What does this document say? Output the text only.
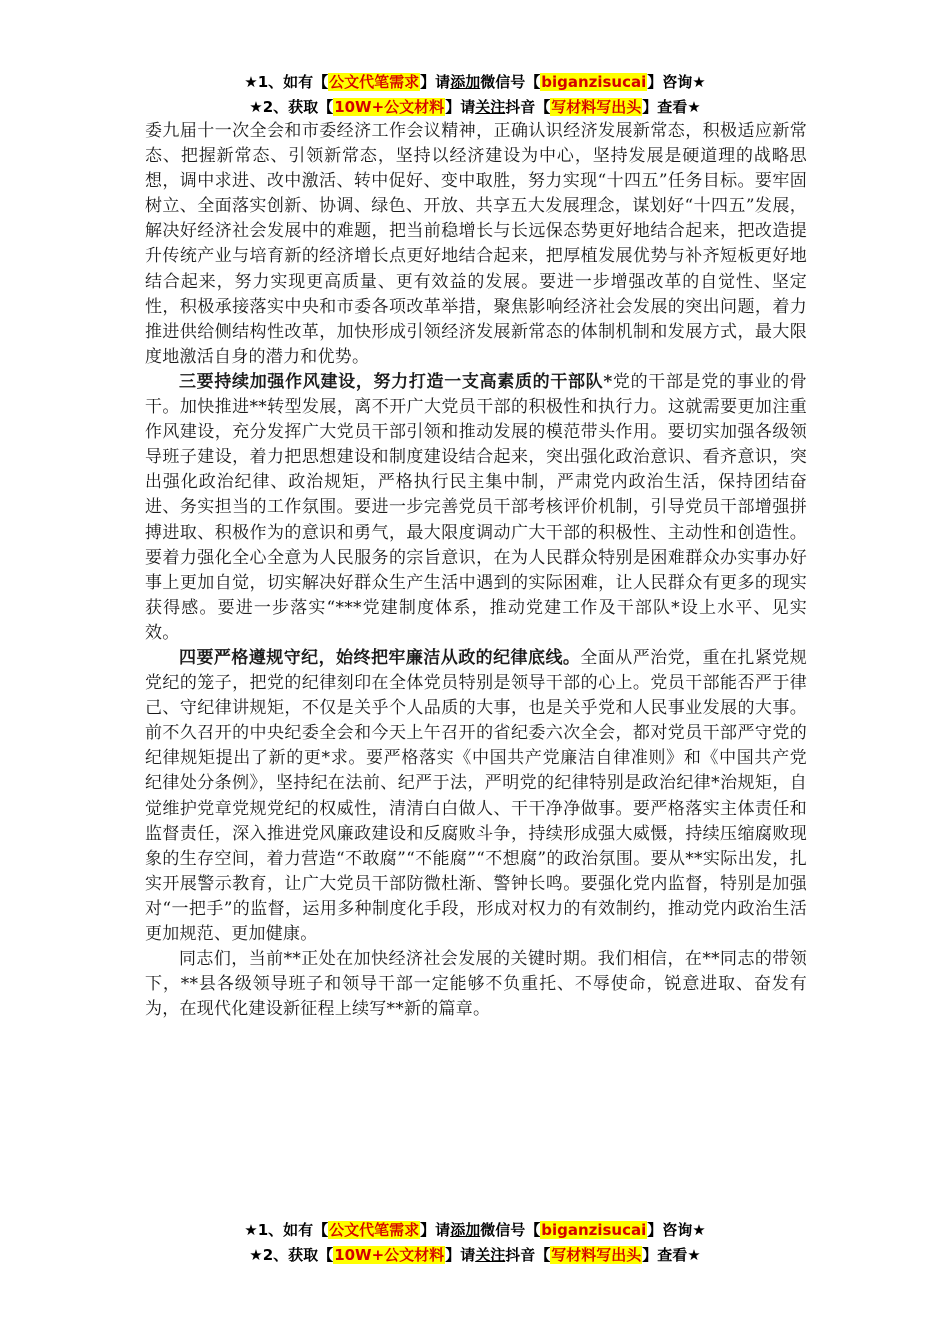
★1、如有【公文代笔需求】请添加微信号【biganzisucai】咨询★
★2、获取【10W+公文材料】请关注抖音【写材料写出头】查看★

委九届十一次全会和市委经济工作会议精神，正确认识经济发展新常态，积极适应新常态、把握新常态、引领新常态，坚持以经济建设为中心，坚持发展是硬道理的战略思想，调中求进、改中激活、转中促好、变中取胜，努力实现“十四五”任务目标。要牢固树立、全面落实创新、协调、绿色、开放、共享五大发展理念，谋划好“十四五”发展，解决好经济社会发展中的难题，把当前稳增长与长远保态势更好地结合起来，把改造提升传统产业与培育新的经济增长点更好地结合起来，把厚植发展优势与补齐短板更好地结合起来，努力实现更高质量、更有效益的发展。要进一步增强改革的自觉性、坚定性，积极承接落实中央和市委各项改革举措，聚焦影响经济社会发展的突出问题，着力推进供给侧结构性改革，加快形成引领经济发展新常态的体制机制和发展方式，最大限度地激活自身的潜力和优势。

三要持续加强作风建设，努力打造一支高素质的干部队*党的干部是党的事业的骨干。加快推进**转型发展，离不开广大党员干部的积极性和执行力。这就需要更加注重作风建设，充分发挥广大党员干部引领和推动发展的模范带头作用。要切实加强各级领导班子建设，着力把思想建设和制度建设结合起来，突出强化政治意识、看齐意识，突出强化政治纪律、政治规矩，严格执行民主集中制，严肃党内政治生活，保持团结奋进、务实担当的工作氛围。要进一步完善党员干部考核评价机制，引导党员干部增强拼搏进取、积极作为的意识和勇气，最大限度调动广大干部的积极性、主动性和创造性。要着力强化全心全意为人民服务的宗旨意识，在为人民群众特别是困难群众办实事办好事上更加自觉，切实解决好群众生产生活中遇到的实际困难，让人民群众有更多的现实获得感。要进一步落实“***党建制度体系，推动党建工作及干部队*设上水平、见实效。

四要严格遵规守纪，始终把牢廉洁从政的纪律底线。全面从严治党，重在扎紧党规党纪的笼子，把党的纪律刻印在全体党员特别是领导干部的心上。党员干部能否严于律己、守纪律讲规矩，不仅是关乎个人品质的大事，也是关乎党和人民事业发展的大事。前不久召开的中央纪委全会和今天上午召开的省纪委六次全会，都对党员干部严守党的纪律规矩提出了新的更*求。要严格落实《中国共产党廉洁自律准则》和《中国共产党纪律处分条例》，坚持纪在法前、纪严于法，严明党的纪律特别是政治纪律*治规矩，自觉维护党章党规党纪的权威性，清清白白做人、干干净净做事。要严格落实主体责任和监督责任，深入推进党风廉政建设和反腐败斗争，持续形成强大威慑，持续压缩腐败现象的生存空间，着力营造“不敢腐”“不能腐”“不想腐”的政治氛围。要从**实际出发，扎实开展警示教育，让广大党员干部防微杜渐、警钟长鸣。要强化党内监督，特别是加强对“一把手”的监督，运用多种制度化手段，形成对权力的有效制约，推动党内政治生活更加规范、更加健康。

同志们，当前**正处在加快经济社会发展的关键时期。我们相信，在**同志的带领下，**县各级领导班子和领导干部一定能够不负重托、不辱使命，锐意进取、奋发有为，在现代化建设新征程上续写**新的篇章。

★1、如有【公文代笔需求】请添加微信号【biganzisucai】咨询★
★2、获取【10W+公文材料】请关注抖音【写材料写出头】查看★
